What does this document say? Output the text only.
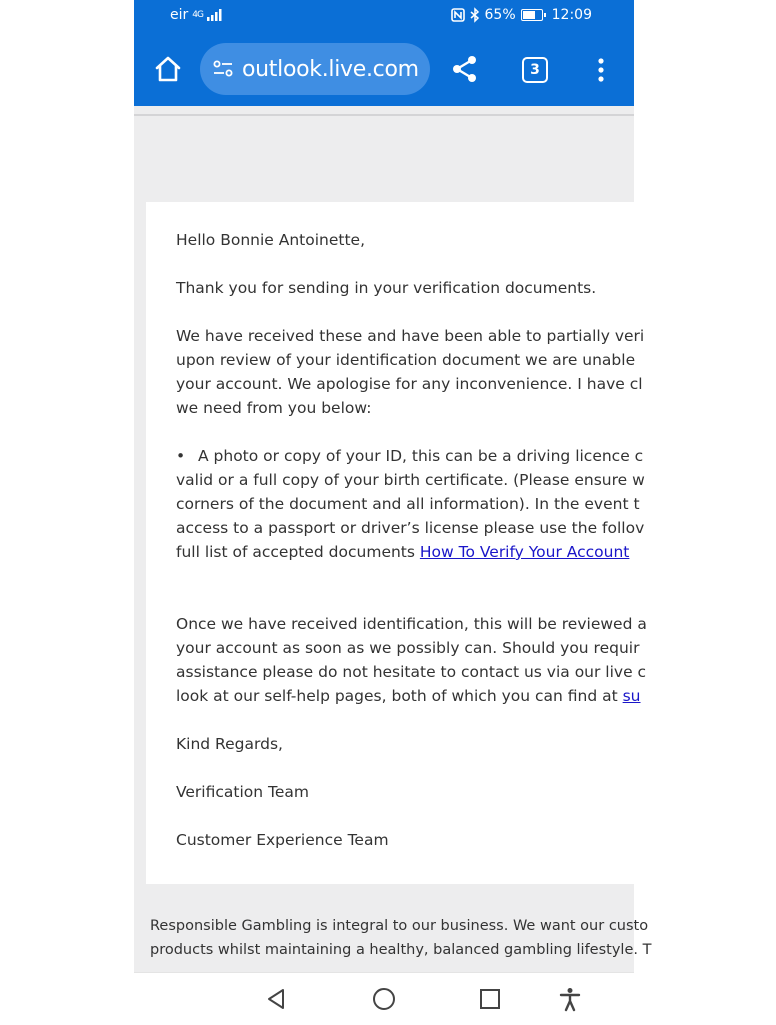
eir 4G	65%	12:09
outlook.live.com	3

Hello Bonnie Antoinette,

Thank you for sending in your verification documents.

We have received these and have been able to partially veri

upon review of your identification document we are unable

your account. We apologise for any inconvenience. I have cl

we need from you below:

• A photo or copy of your ID, this can be a driving licence c

valid or a full copy of your birth certificate. (Please ensure w

corners of the document and all information). In the event t

access to a passport or driver’s license please use the follov

full list of accepted documents How To Verify Your Account

Once we have received identification, this will be reviewed a

your account as soon as we possibly can. Should you requir

assistance please do not hesitate to contact us via our live c

look at our self-help pages, both of which you can find at su

Kind Regards,

Verification Team

Customer Experience Team

Responsible Gambling is integral to our business. We want our custo

products whilst maintaining a healthy, balanced gambling lifestyle. T
